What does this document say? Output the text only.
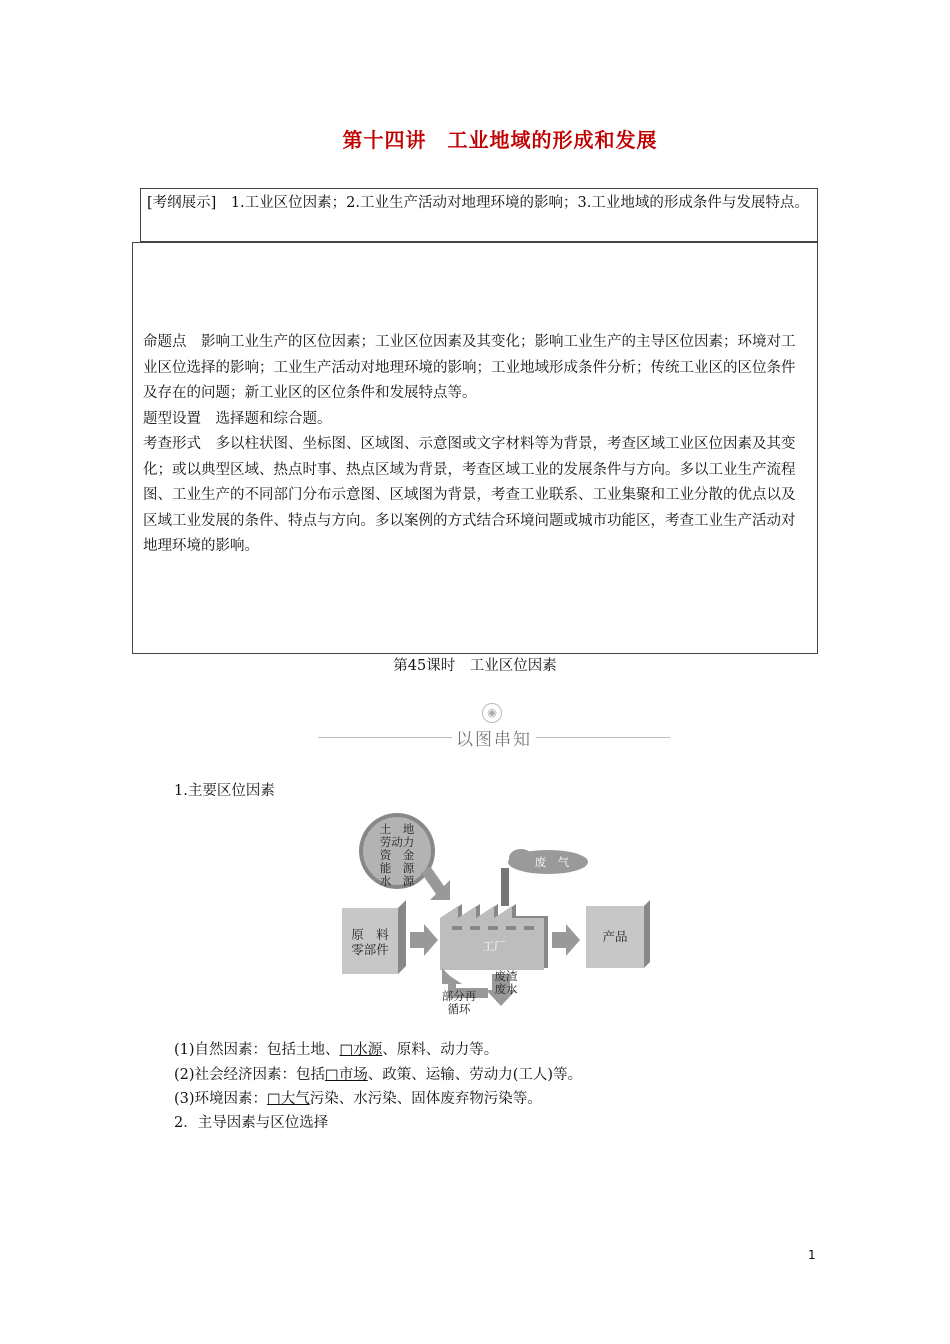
第十四讲　工业地域的形成和发展
[考纲展示]　1.工业区位因素；2.工业生产活动对地理环境的影响；3.工业地域的形成条件与发展特点。

命题点　影响工业生产的区位因素；工业区位因素及其变化；影响工业生产的主导区位因素；环境对工业区位选择的影响；工业生产活动对地理环境的影响；工业地域形成条件分析；传统工业区的区位条件及存在的问题；新工业区的区位条件和发展特点等。

题型设置　选择题和综合题。

考查形式　多以柱状图、坐标图、区域图、示意图或文字材料等为背景，考查区域工业区位因素及其变化；或以典型区域、热点时事、热点区域为背景，考查区域工业的发展条件与方向。多以工业生产流程图、工业生产的不同部门分布示意图、区域图为背景，考查工业联系、工业集聚和工业分散的优点以及区域工业发展的条件、特点与方向。多以案例的方式结合环境问题或城市功能区，考查工业生产活动对地理环境的影响。

第45课时　工业区位因素
◉
以图串知
1.主要区位因素
土　地
劳动力
资　金
能　源
水　源
废　气
原　料
零部件	工厂
产品
废渣
废水
部分再
循环
(1)自然因素：包括土地、□水源、原料、动力等。
(2)社会经济因素：包括□市场、政策、运输、劳动力(工人)等。
(3)环境因素：□大气污染、水污染、固体废弃物污染等。
2．主导因素与区位选择
1
